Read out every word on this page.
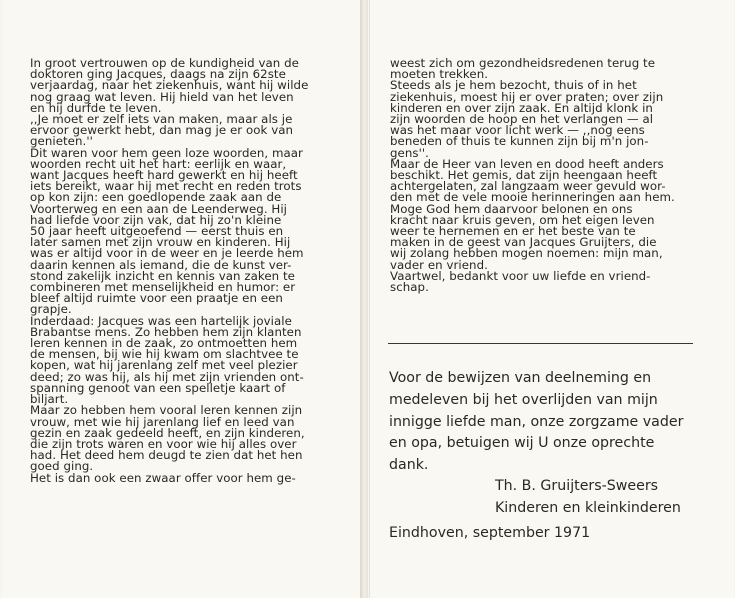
In groot vertrouwen op de kundigheid van de
doktoren ging Jacques, daags na zijn 62ste
verjaardag, naar het ziekenhuis, want hij wilde
nog graag wat leven. Hij hield van het leven
en hij durfde te leven.
,,Je moet er zelf iets van maken, maar als je
ervoor gewerkt hebt, dan mag je er ook van
genieten.''
Dit waren voor hem geen loze woorden, maar
woorden recht uit het hart: eerlijk en waar,
want Jacques heeft hard gewerkt en hij heeft
iets bereikt, waar hij met recht en reden trots
op kon zijn: een goedlopende zaak aan de
Voorterweg en een aan de Leenderweg. Hij
had liefde voor zijn vak, dat hij zo'n kleine
50 jaar heeft uitgeoefend — eerst thuis en
later samen met zijn vrouw en kinderen. Hij
was er altijd voor in de weer en je leerde hem
daarin kennen als iemand, die de kunst ver-
stond zakelijk inzicht en kennis van zaken te
combineren met menselijkheid en humor: er
bleef altijd ruimte voor een praatje en een
grapje.
Inderdaad: Jacques was een hartelijk joviale
Brabantse mens. Zo hebben hem zijn klanten
leren kennen in de zaak, zo ontmoetten hem
de mensen, bij wie hij kwam om slachtvee te
kopen, wat hij jarenlang zelf met veel plezier
deed; zo was hij, als hij met zijn vrienden ont-
spanning genoot van een spelletje kaart of
biljart.
Maar zo hebben hem vooral leren kennen zijn
vrouw, met wie hij jarenlang lief en leed van
gezin en zaak gedeeld heeft, en zijn kinderen,
die zijn trots waren en voor wie hij alles over
had. Het deed hem deugd te zien dat het hen
goed ging.
Het is dan ook een zwaar offer voor hem ge-
weest zich om gezondheidsredenen terug te
moeten trekken.
Steeds als je hem bezocht, thuis of in het
ziekenhuis, moest hij er over praten; over zijn
kinderen en over zijn zaak. En altijd klonk in
zijn woorden de hoop en het verlangen — al
was het maar voor licht werk — ,,nog eens
beneden of thuis te kunnen zijn bij m'n jon-
gens''.
Maar de Heer van leven en dood heeft anders
beschikt. Het gemis, dat zijn heengaan heeft
achtergelaten, zal langzaam weer gevuld wor-
den met de vele mooie herinneringen aan hem.
Moge God hem daarvoor belonen en ons
kracht naar kruis geven, om het eigen leven
weer te hernemen en er het beste van te
maken in de geest van Jacques Gruijters, die
wij zolang hebben mogen noemen: mijn man,
vader en vriend.
Vaartwel, bedankt voor uw liefde en vriend-
schap.
Voor de bewijzen van deelneming en
medeleven bij het overlijden van mijn
innigge liefde man, onze zorgzame vader
en opa, betuigen wij U onze oprechte
dank.
Th. B. Gruijters-Sweers
Kinderen en kleinkinderen
Eindhoven, september 1971
